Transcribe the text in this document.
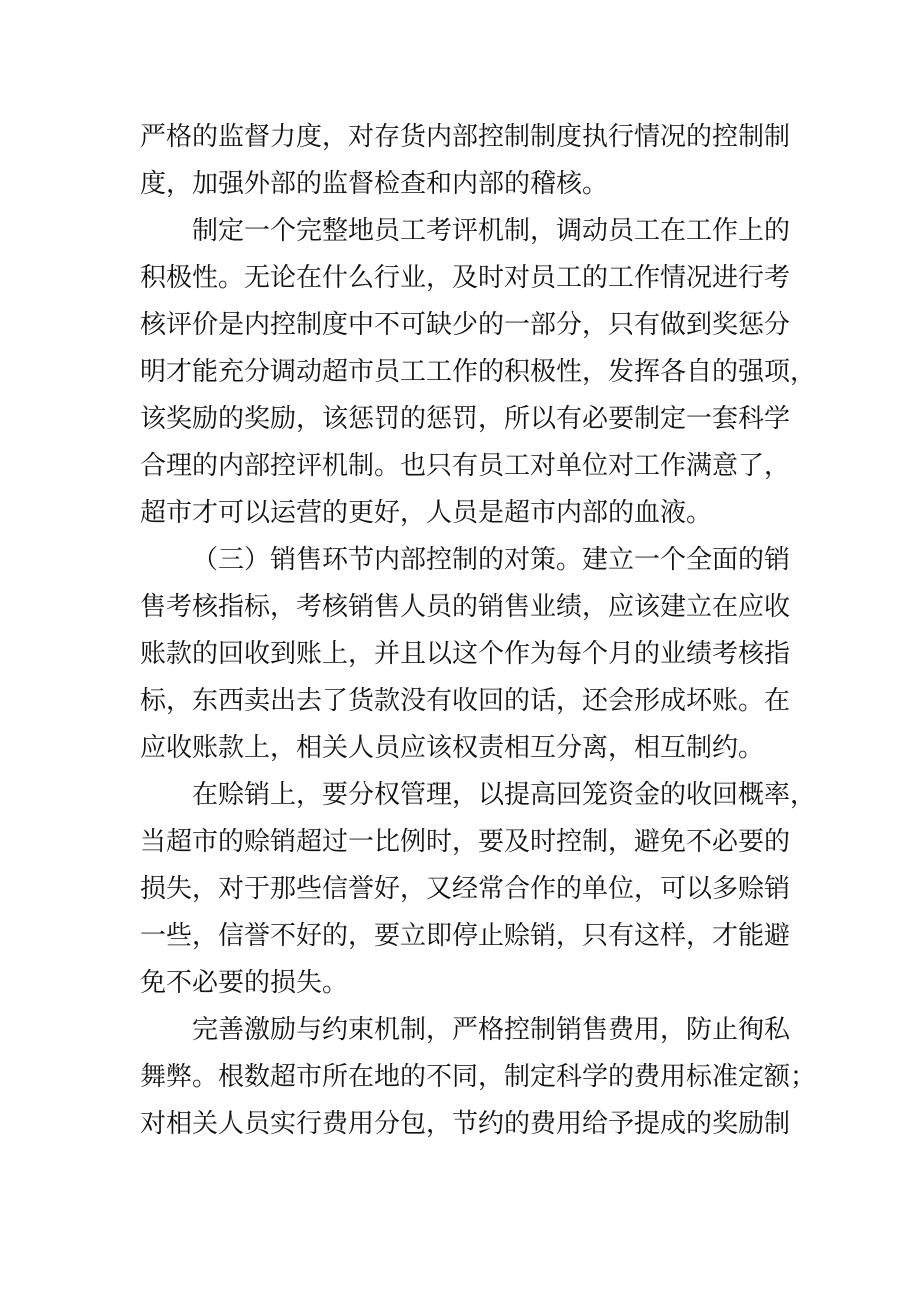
严格的监督力度，对存货内部控制制度执行情况的控制制
度，加强外部的监督检查和内部的稽核。
制定一个完整地员工考评机制，调动员工在工作上的
积极性。无论在什么行业，及时对员工的工作情况进行考
核评价是内控制度中不可缺少的一部分，只有做到奖惩分
明才能充分调动超市员工工作的积极性，发挥各自的强项，
该奖励的奖励，该惩罚的惩罚，所以有必要制定一套科学
合理的内部控评机制。也只有员工对单位对工作满意了，
超市才可以运营的更好，人员是超市内部的血液。
（三）销售环节内部控制的对策。建立一个全面的销
售考核指标，考核销售人员的销售业绩，应该建立在应收
账款的回收到账上，并且以这个作为每个月的业绩考核指
标，东西卖出去了货款没有收回的话，还会形成坏账。在
应收账款上，相关人员应该权责相互分离，相互制约。
在赊销上，要分权管理，以提高回笼资金的收回概率，
当超市的赊销超过一比例时，要及时控制，避免不必要的
损失，对于那些信誉好，又经常合作的单位，可以多赊销
一些，信誉不好的，要立即停止赊销，只有这样，才能避
免不必要的损失。
完善激励与约束机制，严格控制销售费用，防止徇私
舞弊。根数超市所在地的不同，制定科学的费用标准定额；
对相关人员实行费用分包，节约的费用给予提成的奖励制
